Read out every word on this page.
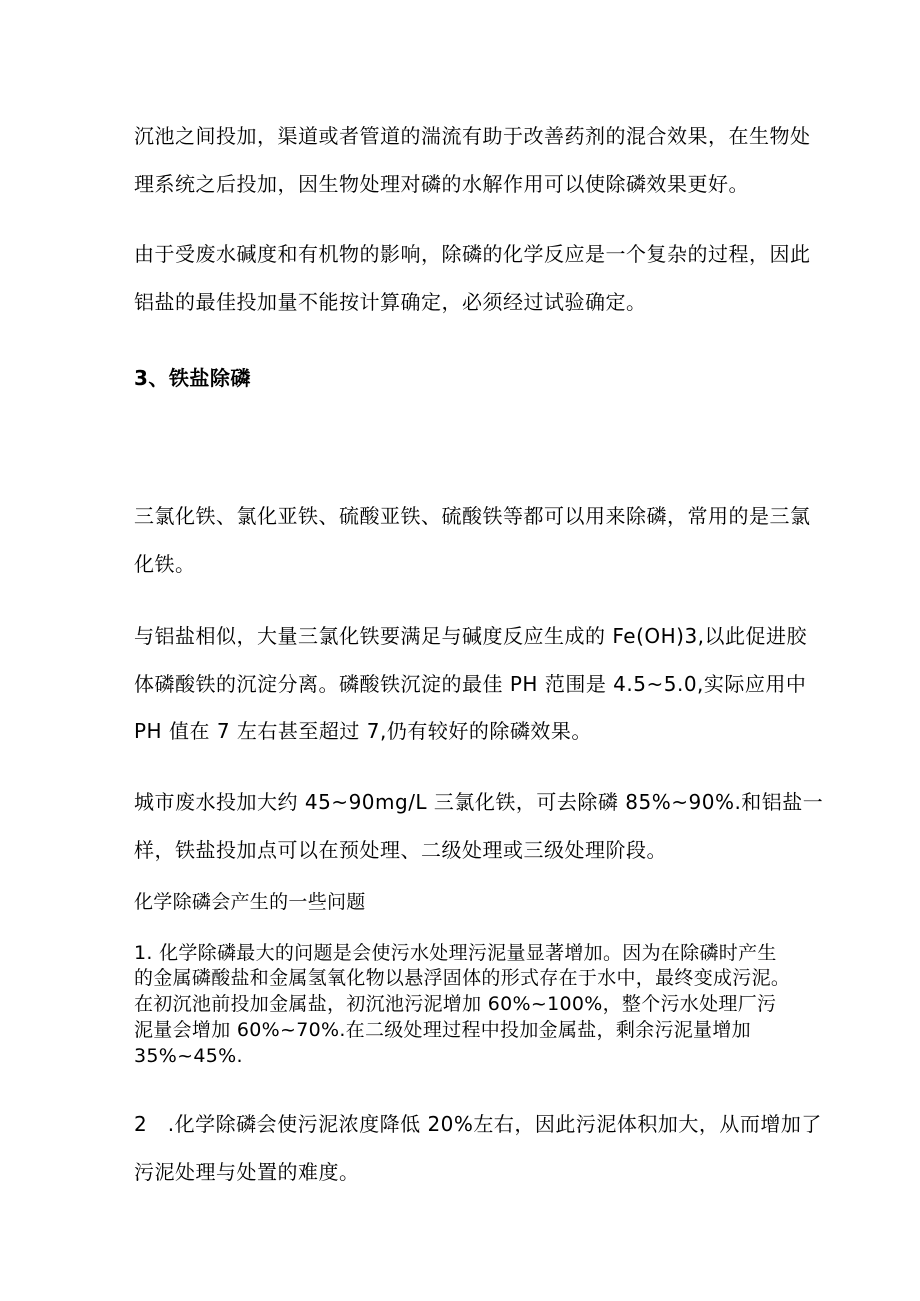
沉池之间投加，渠道或者管道的湍流有助于改善药剂的混合效果，在生物处
理系统之后投加，因生物处理对磷的水解作用可以使除磷效果更好。
由于受废水碱度和有机物的影响，除磷的化学反应是一个复杂的过程，因此
铝盐的最佳投加量不能按计算确定，必须经过试验确定。
3、铁盐除磷
三氯化铁、氯化亚铁、硫酸亚铁、硫酸铁等都可以用来除磷，常用的是三氯
化铁。
与铝盐相似，大量三氯化铁要满足与碱度反应生成的 Fe(OH)3,以此促进胶
体磷酸铁的沉淀分离。磷酸铁沉淀的最佳 PH 范围是 4.5~5.0,实际应用中
PH 值在 7 左右甚至超过 7,仍有较好的除磷效果。
城市废水投加大约 45~90mg/L 三氯化铁，可去除磷 85%~90%.和铝盐一
样，铁盐投加点可以在预处理、二级处理或三级处理阶段。
化学除磷会产生的一些问题
1. 化学除磷最大的问题是会使污水处理污泥量显著增加。因为在除磷时产生
的金属磷酸盐和金属氢氧化物以悬浮固体的形式存在于水中，最终变成污泥。
在初沉池前投加金属盐，初沉池污泥增加 60%~100%，整个污水处理厂污
泥量会增加 60%~70%.在二级处理过程中投加金属盐，剩余污泥量增加
35%~45%.
2　.化学除磷会使污泥浓度降低 20%左右，因此污泥体积加大，从而增加了
污泥处理与处置的难度。
